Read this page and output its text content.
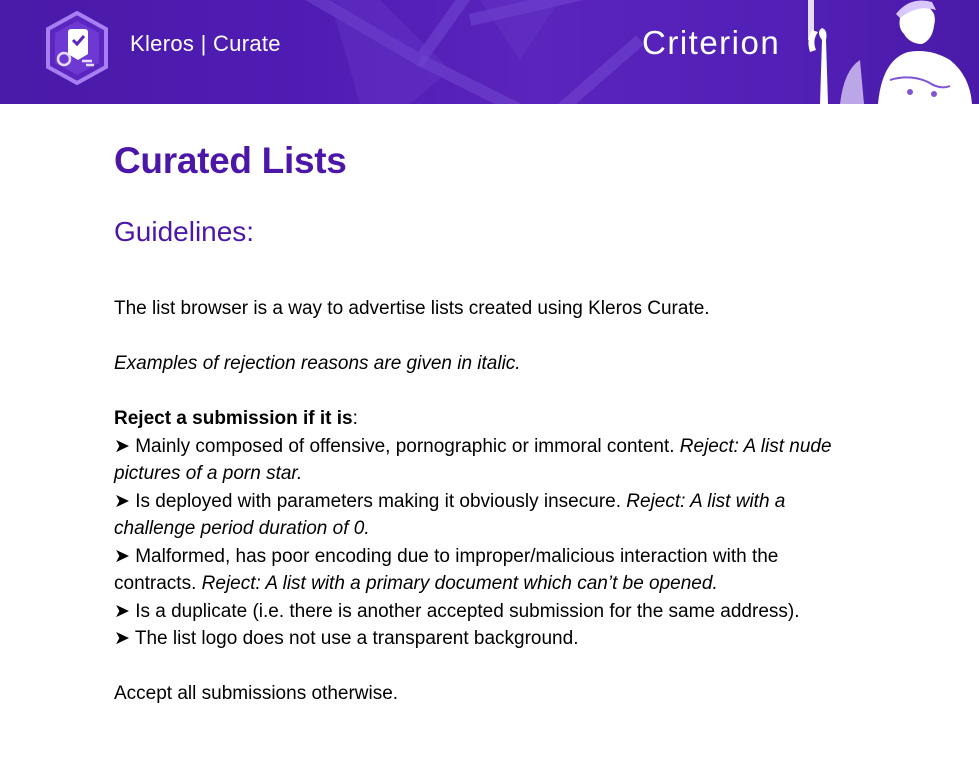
Kleros | Curate	Criterion
Curated Lists
Guidelines:

The list browser is a way to advertise lists created using Kleros Curate.

Examples of rejection reasons are given in italic.

Reject a submission if it is:

➤ Mainly composed of offensive, pornographic or immoral content. Reject: A list nude pictures of a porn star.

➤ Is deployed with parameters making it obviously insecure. Reject: A list with a challenge period duration of 0.

➤ Malformed, has poor encoding due to improper/malicious interaction with the contracts. Reject: A list with a primary document which can’t be opened.

➤ Is a duplicate (i.e. there is another accepted submission for the same address).

➤ The list logo does not use a transparent background.

Accept all submissions otherwise.
